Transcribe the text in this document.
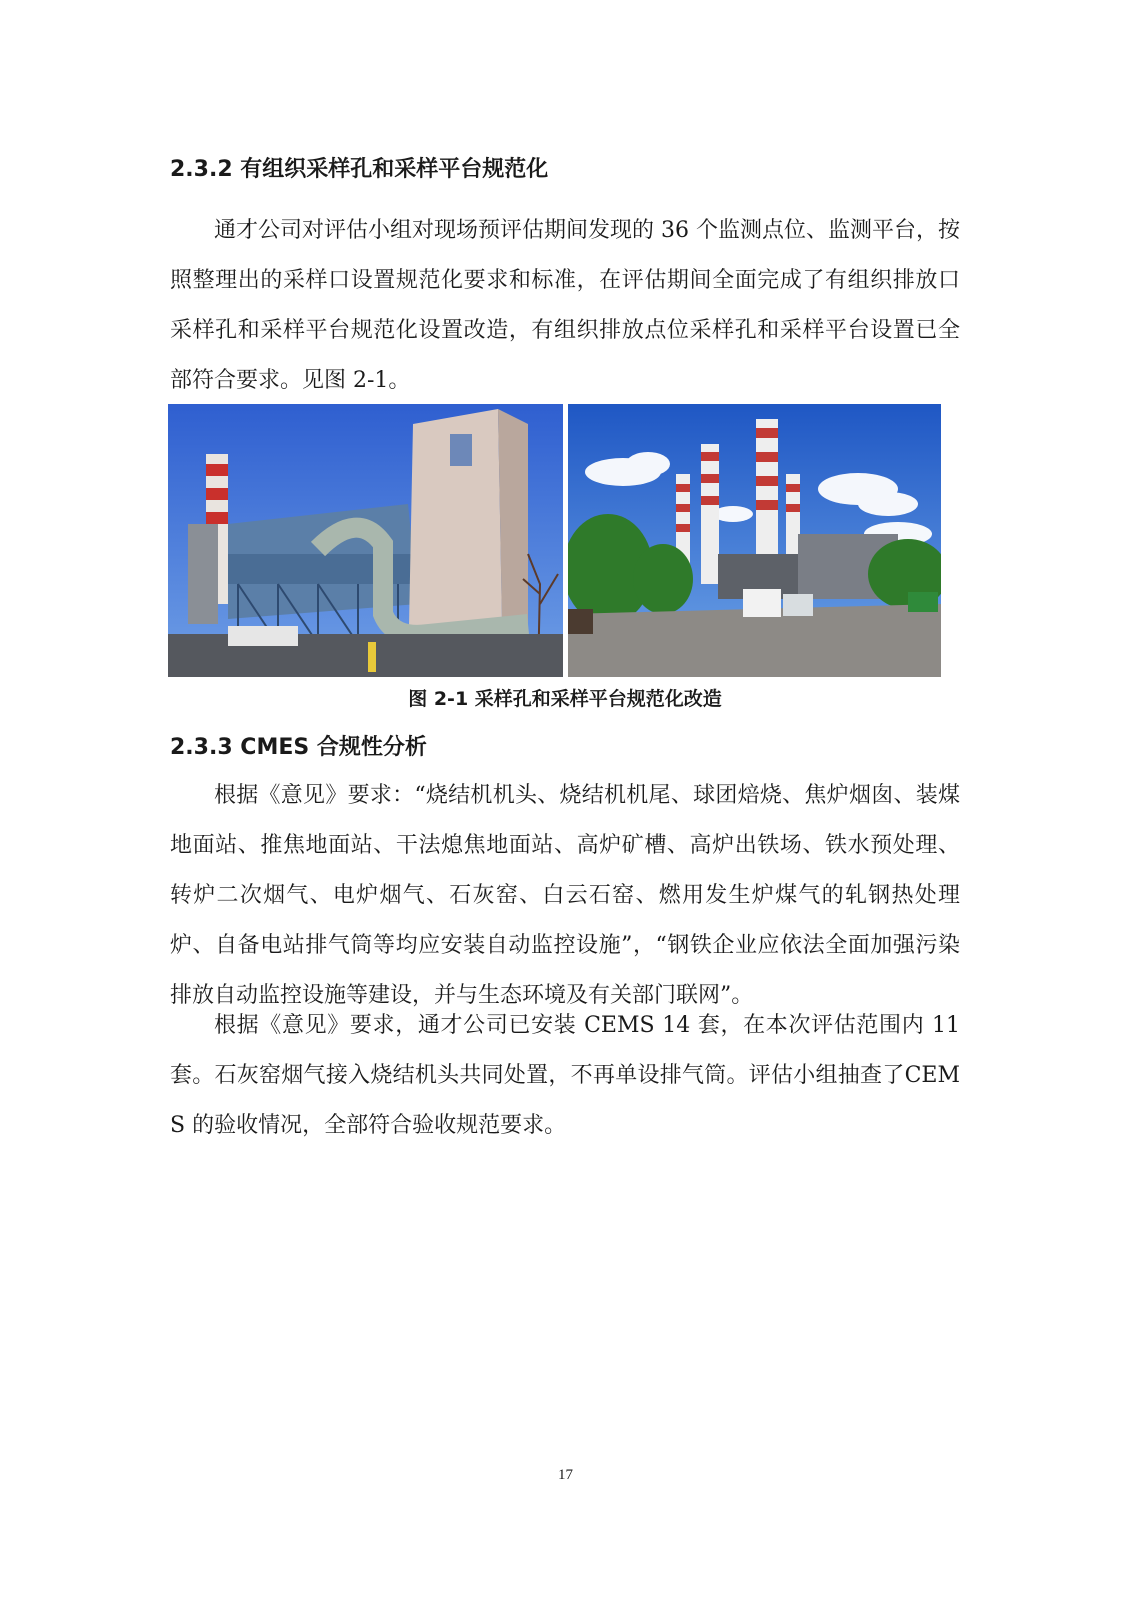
2.3.2 有组织采样孔和采样平台规范化

通才公司对评估小组对现场预评估期间发现的 36 个监测点位、监测平台，按照整理出的采样口设置规范化要求和标准，在评估期间全面完成了有组织排放口采样孔和采样平台规范化设置改造，有组织排放点位采样孔和采样平台设置已全部符合要求。见图 2-1。

图 2-1 采样孔和采样平台规范化改造

2.3.3 CMES 合规性分析

根据《意见》要求：“烧结机机头、烧结机机尾、球团焙烧、焦炉烟囱、装煤地面站、推焦地面站、干法熄焦地面站、高炉矿槽、高炉出铁场、铁水预处理、转炉二次烟气、电炉烟气、石灰窑、白云石窑、燃用发生炉煤气的轧钢热处理炉、自备电站排气筒等均应安装自动监控设施”，“钢铁企业应依法全面加强污染排放自动监控设施等建设，并与生态环境及有关部门联网”。

根据《意见》要求，通才公司已安装 CEMS 14 套，在本次评估范围内 11 套。石灰窑烟气接入烧结机头共同处置，不再单设排气筒。评估小组抽查了CEMS 的验收情况，全部符合验收规范要求。

17
